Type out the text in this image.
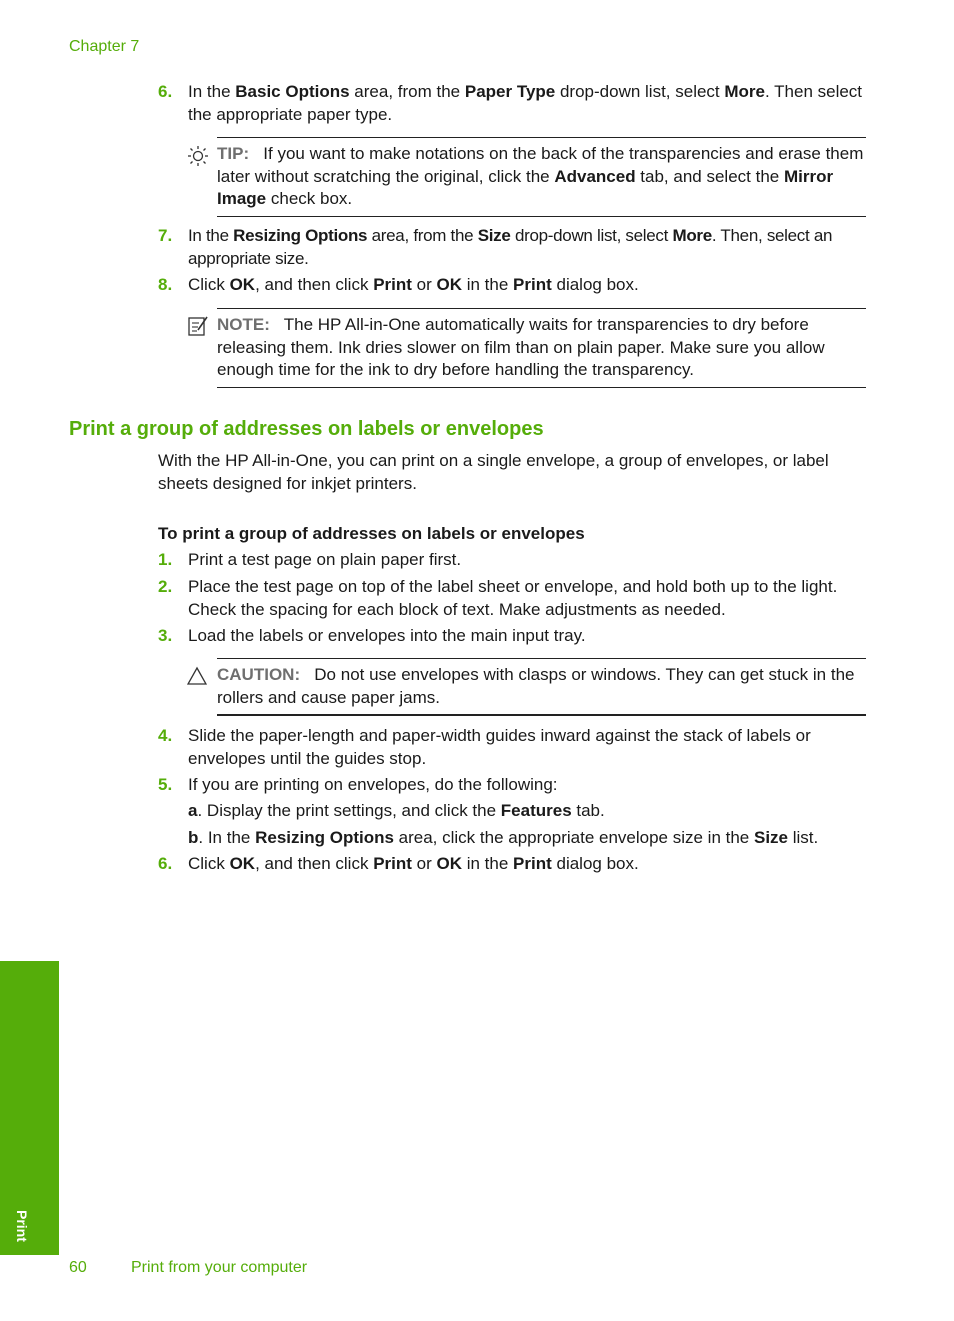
Chapter 7
6. In the Basic Options area, from the Paper Type drop-down list, select More. Then select the appropriate paper type.
TIP: If you want to make notations on the back of the transparencies and erase them later without scratching the original, click the Advanced tab, and select the Mirror Image check box.
7. In the Resizing Options area, from the Size drop-down list, select More. Then, select an appropriate size.
8. Click OK, and then click Print or OK in the Print dialog box.
NOTE: The HP All-in-One automatically waits for transparencies to dry before releasing them. Ink dries slower on film than on plain paper. Make sure you allow enough time for the ink to dry before handling the transparency.
Print a group of addresses on labels or envelopes
With the HP All-in-One, you can print on a single envelope, a group of envelopes, or label sheets designed for inkjet printers.
To print a group of addresses on labels or envelopes
1. Print a test page on plain paper first.
2. Place the test page on top of the label sheet or envelope, and hold both up to the light. Check the spacing for each block of text. Make adjustments as needed.
3. Load the labels or envelopes into the main input tray.
CAUTION: Do not use envelopes with clasps or windows. They can get stuck in the rollers and cause paper jams.
4. Slide the paper-length and paper-width guides inward against the stack of labels or envelopes until the guides stop.
5. If you are printing on envelopes, do the following:
a. Display the print settings, and click the Features tab.
b. In the Resizing Options area, click the appropriate envelope size in the Size list.
6. Click OK, and then click Print or OK in the Print dialog box.
Print
60	Print from your computer
